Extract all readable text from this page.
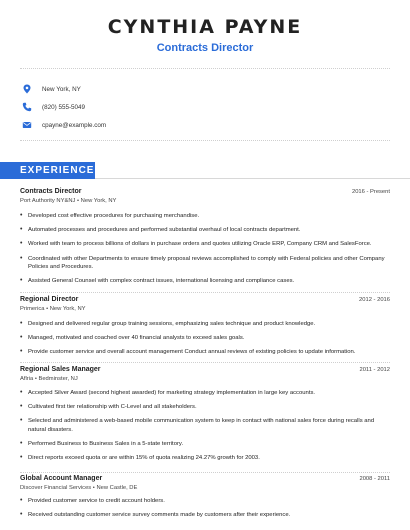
CYNTHIA PAYNE
Contracts Director
New York, NY
(820) 555-5049
cpayne@example.com
EXPERIENCE
Contracts Director	2016 - Present
Port Authority NY&NJ • New York, NY
• Developed cost effective procedures for purchasing merchandise.
• Automated processes and procedures and performed substantial overhaul of local contracts department.
• Worked with team to process billions of dollars in purchase orders and quotes utilizing Oracle ERP, Company CRM and SalesForce.
• Coordinated with other Departments to ensure timely proposal reviews accomplished to comply with Federal policies and other Company Policies and Procedures.
• Assisted General Counsel with complex contract issues, international licensing and compliance cases.
Regional Director	2012 - 2016
Primerica • New York, NY
• Designed and delivered regular group training sessions, emphasizing sales technique and product knowledge.
• Managed, motivated and coached over 40 financial analysts to exceed sales goals.
• Provide customer service and overall account management Conduct annual reviews of existing policies to update information.
Regional Sales Manager	2011 - 2012
Aflria • Bedminster, NJ
• Accepted Silver Award (second highest awarded) for marketing strategy implementation in large key accounts.
• Cultivated first tier relationship with C-Level and all stakeholders.
• Selected and administered a web-based mobile communication system to keep in contact with national sales force during recalls and natural disasters.
• Performed Business to Business Sales in a 5-state territory.
• Direct reports exceed quota or are within 15% of quota realizing 24.27% growth for 2003.
Global Account Manager	2008 - 2011
Discover Financial Services • New Castle, DE
• Provided customer service to credit account holders.
• Received outstanding customer service survey comments made by customers after their experience.
